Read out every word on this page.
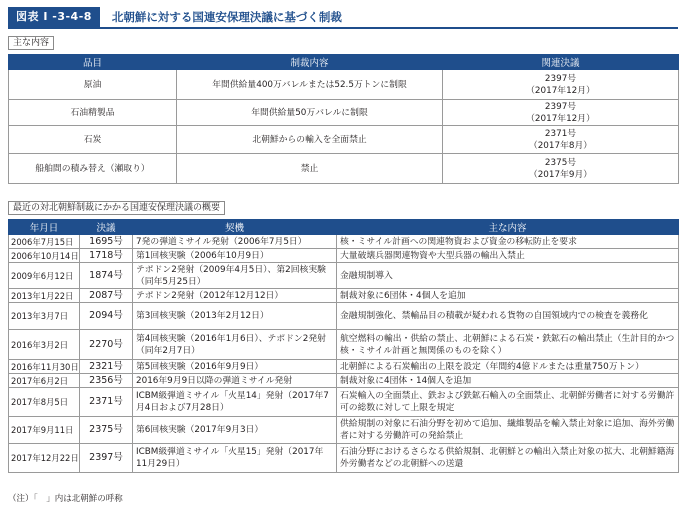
図表 I -3-4-8	北朝鮮に対する国連安保理決議に基づく制裁
主な内容
品目	制裁内容	関連決議
原油	年間供給量400万バレルまたは52.5万トンに制限	2397号
（2017年12月）

石油精製品	年間供給量50万バレルに制限	2397号
（2017年12月）

石炭	北朝鮮からの輸入を全面禁止	2371号
（2017年8月）

船舶間の積み替え（瀬取り）	禁止	2375号
（2017年9月）
最近の対北朝鮮制裁にかかる国連安保理決議の概要
年月日	決議	契機	主な内容
2006年7月15日	1695号	7発の弾道ミサイル発射（2006年7月5日）	核・ミサイル計画への関連物資および資金の移転防止を要求
2006年10月14日	1718号	第1回核実験（2006年10月9日）	大量破壊兵器関連物資や大型兵器の輸出入禁止
2009年6月12日	1874号	テポドン2発射（2009年4月5日）、第2回核実験（同年5月25日）	金融規制導入
2013年1月22日	2087号	テポドン2発射（2012年12月12日）	制裁対象に6団体・4個人を追加
2013年3月7日	2094号	第3回核実験（2013年2月12日）	金融規制強化、禁輸品目の積載が疑われる貨物の自国領域内での検査を義務化
2016年3月2日	2270号	第4回核実験（2016年1月6日）、テポドン2発射（同年2月7日）	航空燃料の輸出・供給の禁止、北朝鮮による石炭・鉄鉱石の輸出禁止（生計目的かつ核・ミサイル計画と無関係のものを除く）
2016年11月30日	2321号	第5回核実験（2016年9月9日）	北朝鮮による石炭輸出の上限を設定（年間約4億ドルまたは重量750万トン）
2017年6月2日	2356号	2016年9月9日以降の弾道ミサイル発射	制裁対象に4団体・14個人を追加
2017年8月5日	2371号	ICBM級弾道ミサイル「火星14」発射（2017年7月4日および7月28日）	石炭輸入の全面禁止、鉄および鉄鉱石輸入の全面禁止、北朝鮮労働者に対する労働許可の総数に対して上限を規定
2017年9月11日	2375号	第6回核実験（2017年9月3日）	供給規制の対象に石油分野を初めて追加、繊維製品を輸入禁止対象に追加、海外労働者に対する労働許可の発給禁止
2017年12月22日	2397号	ICBM級弾道ミサイル「火星15」発射（2017年11月29日）	石油分野におけるさらなる供給規制、北朝鮮との輸出入禁止対象の拡大、北朝鮮籍海外労働者などの北朝鮮への送還
（注）「　」内は北朝鮮の呼称
